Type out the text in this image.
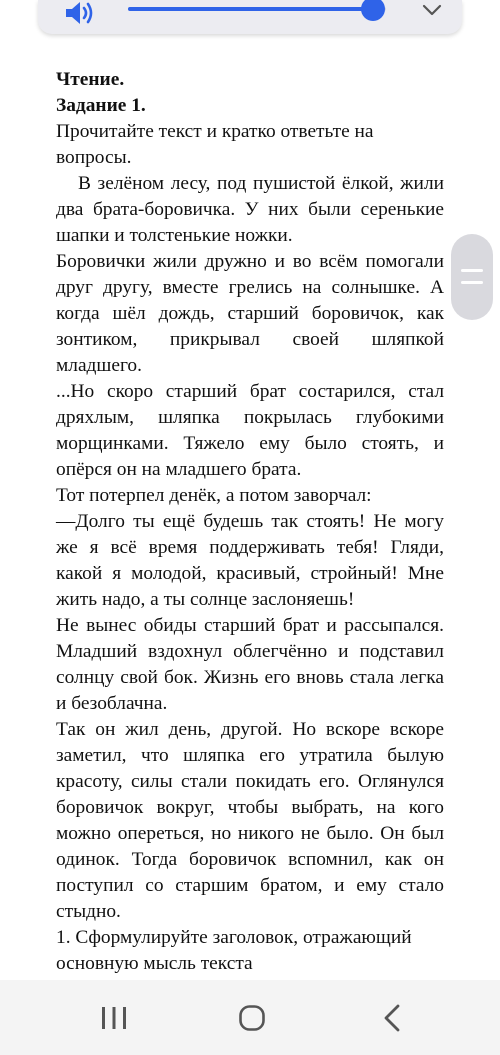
Чтение.

Задание 1.

Прочитайте текст и кратко ответьте на вопросы.

В зелёном лесу, под пушистой ёлкой, жили два брата-боровичка. У них были серенькие шапки и толстенькие ножки.

Боровички жили дружно и во всём помогали друг другу, вместе грелись на солнышке. А когда шёл дождь, старший боровичок, как зонтиком, прикрывал своей шляпкой младшего.

...Но скоро старший брат состарился, стал дряхлым, шляпка покрылась глубокими морщинками. Тяжело ему было стоять, и опёрся он на младшего брата.

Тот потерпел денёк, а потом заворчал:

—Долго ты ещё будешь так стоять! Не могу же я всё время поддерживать тебя! Гляди, какой я молодой, красивый, стройный! Мне жить надо, а ты солнце заслоняешь!

Не вынес обиды старший брат и рассыпался. Младший вздохнул облегчённо и подставил солнцу свой бок. Жизнь его вновь стала легка и безоблачна.

Так он жил день, другой. Но вскоре вскоре заметил, что шляпка его утратила былую красоту, силы стали покидать его. Оглянулся боровичок вокруг, чтобы выбрать, на кого можно опереться, но никого не было. Он был одинок. Тогда боровичок вспомнил, как он поступил со старшим братом, и ему стало стыдно.

1. Сформулируйте заголовок, отражающий основную мысль текста
